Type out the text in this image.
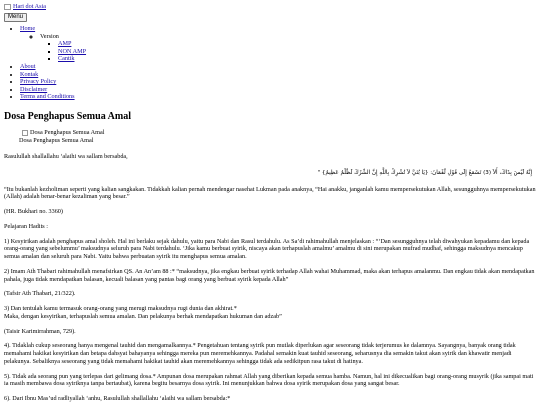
Hari dot Asia
Menu
• Home
◦ Version
▪ AMP
▪ NON AMP
▪ Cantik
• About
• Kontak
• Privacy Policy
• Disclaimer
• Terms and Conditions
Dosa Penghapus Semua Amal
Dosa Penghapus Semua Amal
Dosa Penghapus Semua Amal

Rasulullah shallallahu ‘alaihi wa sallam bersabda,

إِنَّهُ لَيْسَ بِذَاكَ، أَلاَ (3) تَسْمَعُ إِلَى قَوْلِ لُقْمَانَ: {يَا بُنَيَّ لاَ تُشْرِكْ بِاللَّهِ إِنَّ الشِّرْكَ لَظُلْمٌ عَظِيمٌ} "

“Itu bukanlah kezholiman seperti yang kalian sangkakan. Tidakkah kalian pernah mendengar nasehat Lukman pada anaknya, “Hai anakku, janganlah kamu mempersekutukan Allah, sesungguhnya mempersekutukan (Allah) adalah benar-benar kezaliman yang besar.”

(HR. Bukhari no. 3360)

Pelajaran Hadits :

1) Kesyirikan adalah penghapus amal sholeh. Hal ini berlaku sejak dahulu, yaitu para Nabi dan Rasul terdahulu. As Sa’di rahimahullah menjelaskan : “‘Dan sesungguhnya telah diwahyukan kepadamu dan kepada orang-orang yang sebelummu’ maksudnya seluruh para Nabi terdahulu. ‘Jika kamu berbuat syirik, niscaya akan terhapuslah amalmu’ amalmu di sini merupakan mufrad mudhaf, sehingga maksudnya mencakup semua amalan dan seluruh para Nabi. Yaitu bahwa perbuatan syirik itu menghapus semua amalan.

2) Imam Ath Thabari rahimahullah menafsirkan QS. An An’am 88 :* “maksudnya, jika engkau berbuat syirik terhadap Allah wahai Muhammad, maka akan terhapus amalanmu. Dan engkau tidak akan mendapatkan pahala, juga tidak mendapatkan balasan, kecuali balasan yang pantas bagi orang yang berbuat syirik kepada Allah”

(Tafsir Ath Thabari, 21/322).

3) Dan tentulah kamu termasuk orang-orang yang merugi maksudnya rugi dunia dan akhirat.*
Maka, dengan kesyirikan, terhapuslah semua amalan. Dan pelakunya berhak mendapatkan hukuman dan adzab”

(Taisir Karimirrahman, 729).

4). Tidaklah cukup seseorang hanya mengenal tauhid dan mengamalkannya.* Pengetahuan tentang syirik pun mutlak diperlukan agar seseorang tidak terjerumus ke dalamnya. Sayangnya, banyak orang tidak memahami hakikat kesyirikan dan betapa dahsyat bahayanya sehingga mereka pun meremehkannya. Padahal semakin kuat tauhid seseorang, seharusnya dia semakin takut akan syirik dan khawatir menjadi pelakunya. Sebaliknya seseorang yang tidak memahami hakikat tauhid akan meremehkannya sehingga tidak ada sedikitpun rasa takut di hatinya.

5). Tidak ada seorang pun yang terlepas dari gelimang dosa.* Ampunan dosa merupakan rahmat Allah yang diberikan kepada semua hamba. Namun, hal ini dikecualikan bagi orang-orang musyrik (jika sampai mati ia masih membawa dosa syiriknya tanpa bertaubat), karena begitu besarnya dosa syirik. Ini menunjukkan bahwa dosa syirik merupakan dosa yang sangat besar.

6). Dari Ibnu Mas’ud radliyallah ‘anhu, Rasulullah shallallahu ‘alaihi wa sallam bersabda:*
